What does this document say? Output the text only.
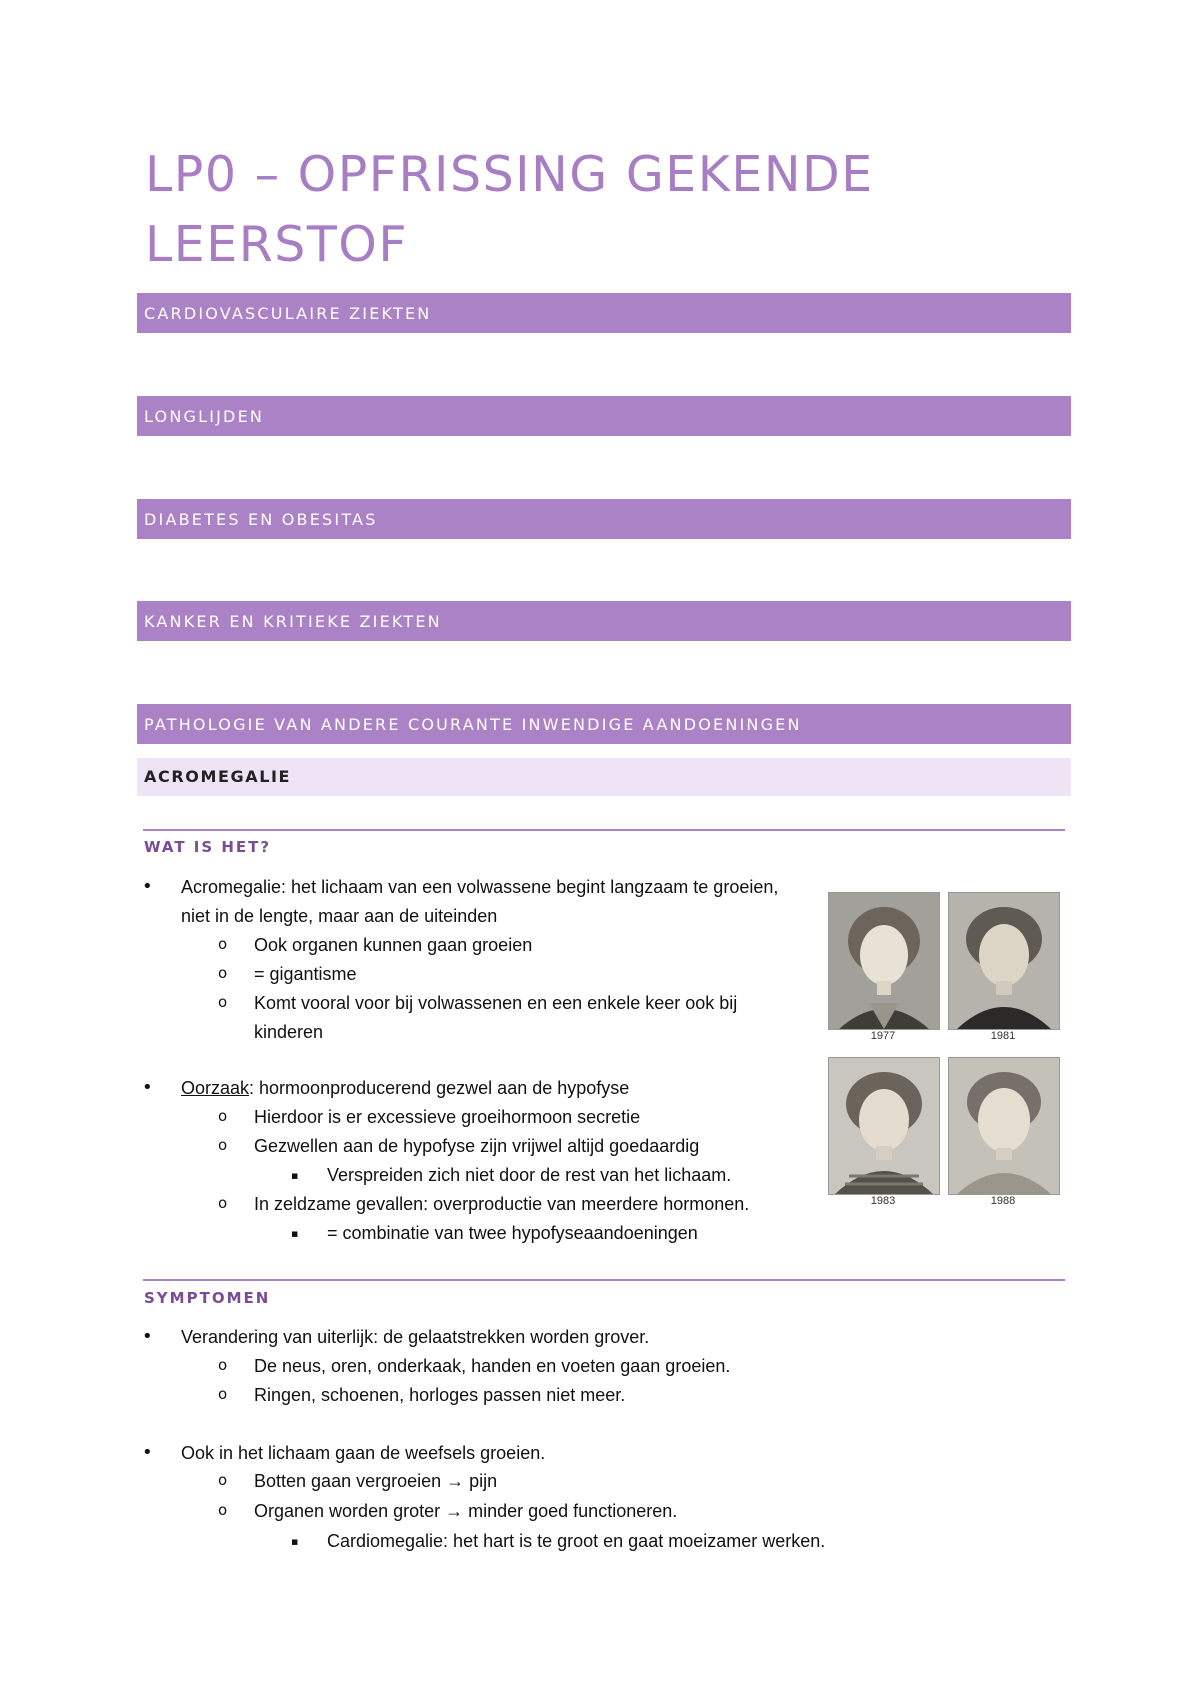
LP0 – OPFRISSING GEKENDE
LEERSTOF
CARDIOVASCULAIRE ZIEKTEN
LONGLIJDEN
DIABETES EN OBESITAS
KANKER EN KRITIEKE ZIEKTEN
PATHOLOGIE VAN ANDERE COURANTE INWENDIGE AANDOENINGEN
ACROMEGALIE
WAT IS HET?
• Acromegalie: het lichaam van een volwassene begint langzaam te groeien,
niet in de lengte, maar aan de uiteinden
o Ook organen kunnen gaan groeien
o = gigantisme
o Komt vooral voor bij volwassenen en een enkele keer ook bij
kinderen
• Oorzaak: hormoonproducerend gezwel aan de hypofyse
o Hierdoor is er excessieve groeihormoon secretie
o Gezwellen aan de hypofyse zijn vrijwel altijd goedaardig
▪ Verspreiden zich niet door de rest van het lichaam.
o In zeldzame gevallen: overproductie van meerdere hormonen.
▪ = combinatie van twee hypofyseaandoeningen
1977	1981
1983	1988
SYMPTOMEN
• Verandering van uiterlijk: de gelaatstrekken worden grover.
o De neus, oren, onderkaak, handen en voeten gaan groeien.
o Ringen, schoenen, horloges passen niet meer.
• Ook in het lichaam gaan de weefsels groeien.
o Botten gaan vergroeien → pijn
o Organen worden groter → minder goed functioneren.
▪ Cardiomegalie: het hart is te groot en gaat moeizamer werken.
